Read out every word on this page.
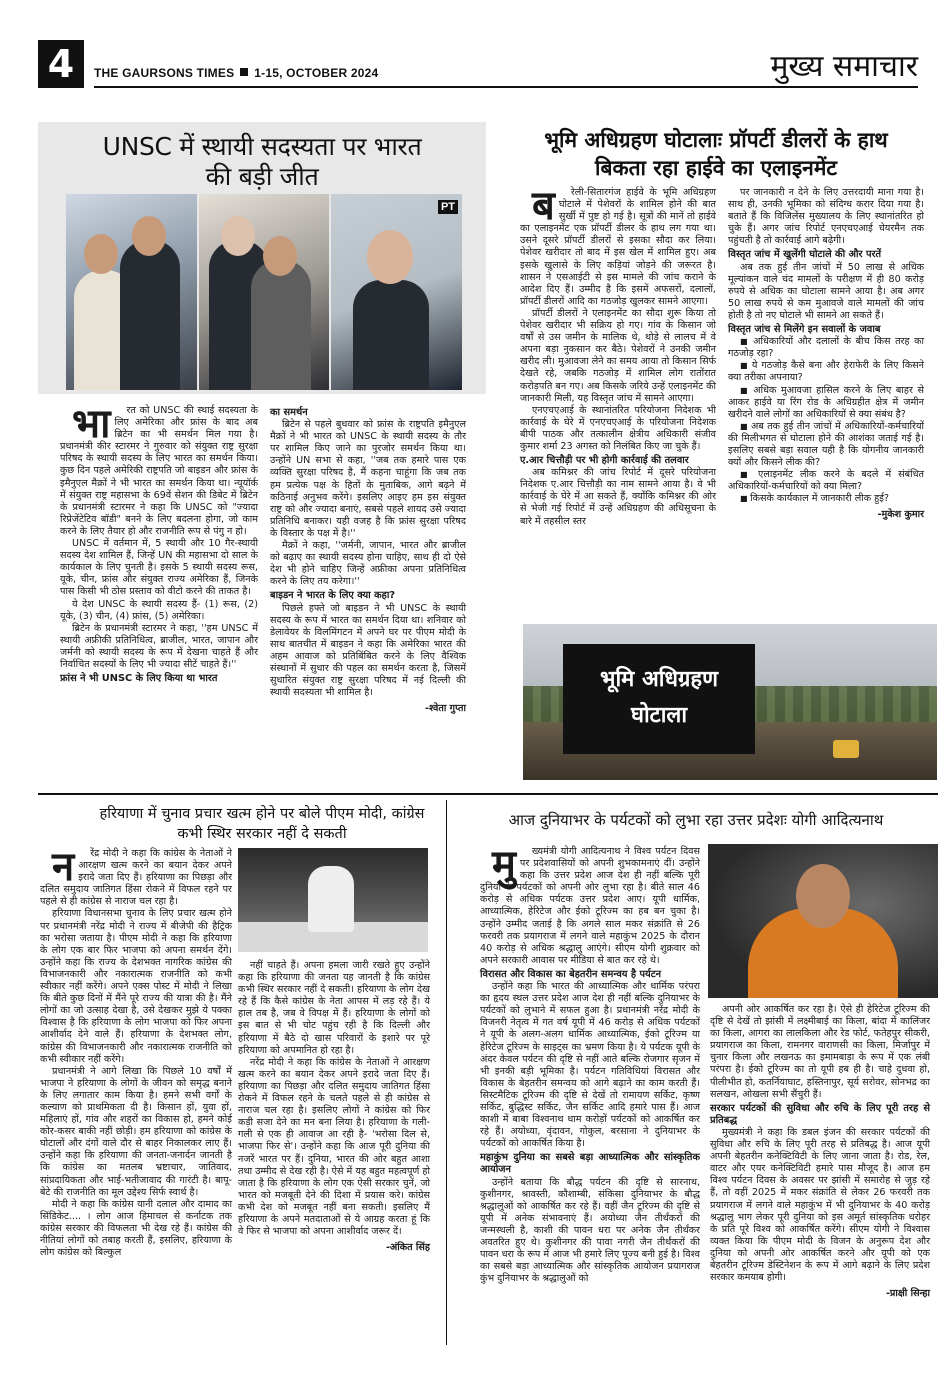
4	THE GAURSONS TIMES 1-15, OCTOBER 2024	मुख्य समाचार
UNSC में स्थायी सदस्यता पर भारत
की बड़ी जीत
PT

भारत को UNSC की स्थाई सदस्यता के लिए अमेरिका और फ्रांस के बाद अब ब्रिटेन का भी समर्थन मिल गया है। प्रधानमंत्री कीर स्टारमर ने गुरुवार को संयुक्त राष्ट्र सुरक्षा परिषद के स्थायी सदस्य के लिए भारत का समर्थन किया। कुछ दिन पहले अमेरिकी राष्ट्रपति जो बाइडन और फ्रांस के इमैनुएल मैक्रों ने भी भारत का समर्थन किया था। न्यूयॉर्क में संयुक्त राष्ट्र महासभा के 69वें सेशन की डिबेट में ब्रिटेन के प्रधानमंत्री स्टारमर ने कहा कि UNSC को "ज्यादा रिप्रेजेंटेटिव बॉडी" बनने के लिए बदलना होगा, जो काम करने के लिए तैयार हो और राजनीति रूप से पंगु न हो।

UNSC में वर्तमान में, 5 स्थायी और 10 गैर-स्थायी सदस्य देश शामिल हैं, जिन्हें UN की महासभा दो साल के कार्यकाल के लिए चुनती है। इसके 5 स्थायी सदस्य रूस, यूके, चीन, फ्रांस और संयुक्त राज्य अमेरिका हैं, जिनके पास किसी भी ठोस प्रस्ताव को वीटो करने की ताकत है।

ये देश UNSC के स्थायी सदस्य हैं- (1) रूस, (2) यूके, (3) चीन, (4) फ्रांस, (5) अमेरिका।

ब्रिटेन के प्रधानमंत्री स्टारमर ने कहा, ''हम UNSC में स्थायी अफ्रीकी प्रतिनिधित्व, ब्राजील, भारत, जापान और जर्मनी को स्थायी सदस्य के रूप में देखना चाहते हैं और निर्वाचित सदस्यों के लिए भी ज्यादा सीटें चाहते हैं।''

फ्रांस ने भी UNSC के लिए किया था भारत
का समर्थन

ब्रिटेन से पहले बुधवार को फ्रांस के राष्ट्रपति इमैनुएल मैक्रों ने भी भारत को UNSC के स्थायी सदस्य के तौर पर शामिल किए जाने का पुरजोर समर्थन किया था। उन्होंने UN सभा से कहा, ''जब तक हमारे पास एक व्यक्ति सुरक्षा परिषद है, मैं कहना चाहूंगा कि जब तक हम प्रत्येक पक्ष के हितों के मुताबिक, आगे बढ़ने में कठिनाई अनुभव करेंगे। इसलिए आइए हम इस संयुक्त राष्ट्र को और ज्यादा बनाएं, सबसे पहले शायद उसे ज्यादा प्रतिनिधि बनाकर। यही वजह है कि फ्रांस सुरक्षा परिषद के विस्तार के पक्ष में है।''

मैक्रों ने कहा, ''जर्मनी, जापान, भारत और ब्राजील को बढ़ाए का स्थायी सदस्य होना चाहिए, साथ ही दो ऐसे देश भी होने चाहिए जिन्हें अफ्रीका अपना प्रतिनिधित्व करने के लिए तय करेगा।''

बाइडन ने भारत के लिए क्या कहा?

पिछले हफ्ते जो बाइडन ने भी UNSC के स्थायी सदस्य के रूप में भारत का समर्थन दिया था। शनिवार को डेलावेयर के विलमिंगटन में अपने घर पर पीएम मोदी के साथ बातचीत में बाइडन ने कहा कि अमेरिका भारत की अहम आवाज को प्रतिबिंबित करने के लिए वैश्विक संस्थानों में सुधार की पहल का समर्थन करता है, जिसमें सुधारित संयुक्त राष्ट्र सुरक्षा परिषद में नई दिल्ली की स्थायी सदस्यता भी शामिल है।

-श्वेता गुप्ता
भूमि अधिग्रहण घोटालाः प्रॉपर्टी डीलरों के हाथ
बिकता रहा हाईवे का एलाइनमेंट

बरेली-सितारगंज हाईवे के भूमि अधिग्रहण घोटाले में पेशेवरों के शामिल होने की बात सुर्खी में पुष्ट हो गई है। सूत्रों की मानें तो हाईवे का एलाइनमेंट एक प्रॉपर्टी डीलर के हाथ लग गया था। उसने दूसरे प्रॉपर्टी डीलरों से इसका सौदा कर लिया। पेशेवर खरीदार तो बाद में इस खेल में शामिल हुए। अब इसके खुलासे के लिए कड़ियां जोड़ने की जरूरत है। शासन ने एसआईटी से इस मामले की जांच कराने के आदेश दिए हैं। उम्मीद है कि इसमें अफसरों, दलालों, प्रॉपर्टी डीलरों आदि का गठजोड़ खुलकर सामने आएगा।

प्रॉपर्टी डीलरों ने एलाइनमेंट का सौदा शुरू किया तो पेशेवर खरीदार भी सक्रिय हो गए। गांव के किसान जो वर्षों से उस जमीन के मालिक थे, थोड़े से लालच में वे अपना बड़ा नुकसान कर बैठे। पेशेवरों ने उनकी जमीन खरीद ली। मुआवजा लेने का समय आया तो किसान सिर्फ देखते रहे, जबकि गठजोड़ में शामिल लोग रातोंरात करोड़पति बन गए। अब किसके जरिये उन्हें एलाइनमेंट की जानकारी मिली, यह विस्तृत जांच में सामने आएगा।

एनएचएआई के स्थानांतरित परियोजना निदेशक भी कार्रवाई के घेरे में एनएचएआई के परियोजना निदेशक बीपी पाठक और तत्कालीन क्षेत्रीय अधिकारी संजीव कुमार शर्मा 23 अगस्त को निलंबित किए जा चुके हैं।

ए.आर चित्तौड़ी पर भी होगी कार्रवाई की तलवार

अब कमिश्नर की जांच रिपोर्ट में दूसरे परियोजना निदेशक ए.आर चित्तौड़ी का नाम सामने आया है। वे भी कार्रवाई के घेरे में आ सकते हैं, क्योंकि कमिश्नर की ओर से भेजी गई रिपोर्ट में उन्हें अधिग्रहण की अधिसूचना के बारे में तहसील स्तर

पर जानकारी न देने के लिए उत्तरदायी माना गया है। साथ ही, उनकी भूमिका को संदिग्ध करार दिया गया है। बताते हैं कि विजिलेंस मुख्यालय के लिए स्थानांतरित हो चुके हैं। अगर जांच रिपोर्ट एनएचएआई चेयरमैन तक पहुंचती है तो कार्रवाई आगे बढ़ेगी।

विस्तृत जांच में खुलेंगी घोटाले की और परतें

अब तक हुई तीन जांचों में 50 लाख से अधिक मूल्यांकन वाले चंद मामलों के परीक्षण में ही 80 करोड़ रुपये से अधिक का घोटाला सामने आया है। अब अगर 50 लाख रुपये से कम मुआवजे वाले मामलों की जांच होती है तो नए घोटाले भी सामने आ सकते हैं।

विस्तृत जांच से मिलेंगे इन सवालों के जवाब

■ अधिकारियों और दलालों के बीच किस तरह का गठजोड़ रहा?

■ ये गठजोड़ कैसे बना और हेराफेरी के लिए किसने क्या तरीका अपनाया?

■ अधिक मुआवजा हासिल करने के लिए बाहर से आकर हाईवे या रिंग रोड के अधिग्रहीत क्षेत्र में जमीन खरीदने वाले लोगों का अधिकारियों से क्या संबंध है?

■ अब तक हुई तीन जांचों में अधिकारियों-कर्मचारियों की मिलीभगत से घोटाला होने की आशंका जताई गई है। इसलिए सबसे बड़ा सवाल यही है कि योगनीय जानकारी क्यों और किसने लीक की?

■ एलाइनमेंट लीक करने के बदले में संबंधित अधिकारियों-कर्मचारियों को क्या मिला?

■ किसके कार्यकाल में जानकारी लीक हुई?

-मुकेश कुमार
भूमि अधिग्रहण
घोटाला
हरियाणा में चुनाव प्रचार खत्म होने पर बोले पीएम मोदी, कांग्रेस
कभी स्थिर सरकार नहीं दे सकती

नरेंद्र मोदी ने कहा कि कांग्रेस के नेताओं ने आरक्षण खत्म करने का बयान देकर अपने इरादे जता दिए हैं। हरियाणा का पिछड़ा और दलित समुदाय जातिगत हिंसा रोकने में विफल रहने पर पहले से ही कांग्रेस से नाराज चल रहा है।

हरियाणा विधानसभा चुनाव के लिए प्रचार खत्म होने पर प्रधानमंत्री नरेंद्र मोदी ने राज्य में बीजेपी की हैट्रिक का भरोसा जताया है। पीएम मोदी ने कहा कि हरियाणा के लोग एक बार फिर भाजपा को अपना समर्थन देंगे। उन्होंने कहा कि राज्य के देशभक्त नागरिक कांग्रेस की विभाजनकारी और नकारात्मक राजनीति को कभी स्वीकार नहीं करेंगे। अपने एक्स पोस्ट में मोदी ने लिखा कि बीते कुछ दिनों में मैंने पूरे राज्य की यात्रा की है। मैंने लोगों का जो उत्साह देखा है, उसे देखकर मुझे ये पक्का विश्वास है कि हरियाणा के लोग भाजपा को फिर अपना आशीर्वाद देने वाले हैं। हरियाणा के देशभक्त लोग, कांग्रेस की विभाजनकारी और नकारात्मक राजनीति को कभी स्वीकार नहीं करेंगे।

प्रधानमंत्री ने आगे लिखा कि पिछले 10 वर्षों में भाजपा ने हरियाणा के लोगों के जीवन को समृद्ध बनाने के लिए लगातार काम किया है। हमने सभी वर्गों के कल्याण को प्राथमिकता दी है। किसान हों, युवा हों, महिलाएं हों, गांव और शहरों का विकास हो, हमने कोई कोर-कसर बाकी नहीं छोड़ी। हम हरियाणा को कांग्रेस के घोटालों और दंगों वाले दौर से बाहर निकालकर लाए हैं। उन्होंने कहा कि हरियाणा की जनता-जनार्दन जानती है कि कांग्रेस का मतलब भ्रष्टाचार, जातिवाद, सांप्रदायिकता और भाई-भतीजावाद की गारंटी है। बापू-बेटे की राजनीति का मूल उद्देश्य सिर्फ स्वार्थ है।

मोदी ने कहा कि कांग्रेस यानी दलाल और दामाद का सिंडिकेट.... । लोग आज हिमाचल से कर्नाटक तक कांग्रेस सरकार की विफलता भी देख रहे हैं। कांग्रेस की नीतियां लोगों को तबाह करती हैं, इसलिए, हरियाणा के लोग कांग्रेस को बिल्कुल

नहीं चाहते हैं। अपना हमला जारी रखते हुए उन्होंने कहा कि हरियाणा की जनता यह जानती है कि कांग्रेस कभी स्थिर सरकार नहीं दे सकती। हरियाणा के लोग देख रहे हैं कि कैसे कांग्रेस के नेता आपस में लड़ रहे हैं। ये हाल तब है, जब वे विपक्ष में हैं। हरियाणा के लोगों को इस बात से भी चोट पहुंच रही है कि दिल्ली और हरियाणा में बैठे दो खास परिवारों के इशारे पर पूरे हरियाणा को अपमानित हो रहा है।

नरेंद्र मोदी ने कहा कि कांग्रेस के नेताओं ने आरक्षण खत्म करने का बयान देकर अपने इरादे जता दिए हैं। हरियाणा का पिछड़ा और दलित समुदाय जातिगत हिंसा रोकने में विफल रहने के चलते पहले से ही कांग्रेस से नाराज चल रहा है। इसलिए लोगों ने कांग्रेस को फिर कड़ी सजा देने का मन बना लिया है। हरियाणा के गली-गली से एक ही आवाज आ रही है- 'भरोसा दिल से, भाजपा फिर से'। उन्होंने कहा कि आज पूरी दुनिया की नजरें भारत पर हैं। दुनिया, भारत की ओर बहुत आशा तथा उम्मीद से देख रही है। ऐसे में यह बहुत महत्वपूर्ण हो जाता है कि हरियाणा के लोग एक ऐसी सरकार चुनें, जो भारत को मजबूती देने की दिशा में प्रयास करे। कांग्रेस कभी देश को मजबूत नहीं बना सकती। इसलिए मैं हरियाणा के अपने मतदाताओं से ये आग्रह करता हूं कि वे फिर से भाजपा को अपना आशीर्वाद जरूर दें।

-अंकित सिंह
आज दुनियाभर के पर्यटकों को लुभा रहा उत्तर प्रदेशः योगी आदित्यनाथ

मुख्यमंत्री योगी आदित्यनाथ ने विश्व पर्यटन दिवस पर प्रदेशवासियों को अपनी शुभकामनाएं दीं। उन्होंने कहा कि उत्तर प्रदेश आज देश ही नहीं बल्कि पूरी दुनिया के पर्यटकों को अपनी ओर लुभा रहा है। बीते साल 46 करोड़ से अधिक पर्यटक उत्तर प्रदेश आए। यूपी धार्मिक, आध्यात्मिक, हेरिटेज और ईको टूरिज्म का हब बन चुका है। उन्होंने उम्मीद जताई है कि अगले साल मकर संक्रांति से 26 फरवरी तक प्रयागराज में लगने वाले महाकुंभ 2025 के दौरान 40 करोड़ से अधिक श्रद्धालु आएंगे। सीएम योगी शुक्रवार को अपने सरकारी आवास पर मीडिया से बात कर रहे थे।

विरासत और विकास का बेहतरीन समन्वय है पर्यटन

उन्होंने कहा कि भारत की आध्यात्मिक और धार्मिक परंपरा का हृदय स्थल उत्तर प्रदेश आज देश ही नहीं बल्कि दुनियाभर के पर्यटकों को लुभाने में सफल हुआ है। प्रधानमंत्री नरेंद्र मोदी के विजनरी नेतृत्व में गत वर्ष यूपी में 46 करोड़ से अधिक पर्यटकों ने यूपी के अलग-अलग धार्मिक आध्यात्मिक, ईको टूरिज्म या हेरिटेज टूरिज्म के साइट्स का भ्रमण किया है। ये पर्यटक यूपी के अंदर केवल पर्यटन की दृष्टि से नहीं आते बल्कि रोजगार सृजन में भी इनकी बड़ी भूमिका है। पर्यटन गतिविधियां विरासत और विकास के बेहतरीन समन्वय को आगे बढ़ाने का काम करती हैं। सिस्टमैटिक टूरिज्म की दृष्टि से देखें तो रामायण सर्किट, कृष्ण सर्किट, बुद्धिस्ट सर्किट, जैन सर्किट आदि हमारे पास हैं। आज काशी में बाबा विश्वनाथ धाम करोड़ों पर्यटकों को आकर्षित कर रहे हैं। अयोध्या, वृंदावन, गोकुल, बरसाना ने दुनियाभर के पर्यटकों को आकर्षित किया है।

महाकुंभ दुनिया का सबसे बड़ा आध्यात्मिक और सांस्कृतिक आयोजन

उन्होंने बताया कि बौद्ध पर्यटन की दृष्टि से सारनाथ, कुशीनगर, श्रावस्ती, कौशाम्बी, संकिसा दुनियाभर के बौद्ध श्रद्धालुओं को आकर्षित कर रहे हैं। वहीं जैन टूरिज्म की दृष्टि से यूपी में अनेक संभावनाएं हैं। अयोध्या जैन तीर्थंकरों की जन्मस्थली है, काशी की पावन धरा पर अनेक जैन तीर्थंकर अवतरित हुए थे। कुशीनगर की पावा नगरी जैन तीर्थंकरों की पावन धरा के रूप में आज भी हमारे लिए पूज्य बनी हुई है। विश्व का सबसे बड़ा आध्यात्मिक और सांस्कृतिक आयोजन प्रयागराज कुंभ दुनियाभर के श्रद्धालुओं को

अपनी ओर आकर्षित कर रहा है। ऐसे ही हेरिटेज टूरिज्म की दृष्टि से देखें तो झांसी में लक्ष्मीबाई का किला, बांदा में कालिंजर का किला, आगरा का लालकिला और रेड फोर्ट, फतेहपुर सीकरी, प्रयागराज का किला, रामनगर वाराणसी का किला, मिर्जापुर में चुनार किला और लखनऊ का इमामबाड़ा के रूप में एक लंबी परंपरा है। ईको टूरिज्म का तो यूपी हब ही है। चाहे दुधवा हो, पीलीभीत हो, कतर्नियाघाट, हस्तिनापुर, सूर्य सरोवर, सोनभद्र का सलखन, ओखला सभी सैंचुरी हैं।

सरकार पर्यटकों की सुविधा और रुचि के लिए पूरी तरह से प्रतिबद्ध

मुख्यमंत्री ने कहा कि डबल इंजन की सरकार पर्यटकों की सुविधा और रुचि के लिए पूरी तरह से प्रतिबद्ध है। आज यूपी अपनी बेहतरीन कनेक्टिविटी के लिए जाना जाता है। रोड, रेल, वाटर और एयर कनेक्टिविटी हमारे पास मौजूद है। आज हम विश्व पर्यटन दिवस के अवसर पर झांसी में समारोह से जुड़ रहे हैं, तो वहीं 2025 में मकर संक्रांति से लेकर 26 फरवरी तक प्रयागराज में लगने वाले महाकुंभ में भी दुनियाभर के 40 करोड़ श्रद्धालु भाग लेकर पूरी दुनिया को इस अमूर्त सांस्कृतिक धरोहर के प्रति पूरे विश्व को आकर्षित करेंगे। सीएम योगी ने विश्वास व्यक्त किया कि पीएम मोदी के विजन के अनुरूप देश और दुनिया को अपनी ओर आकर्षित करने और यूपी को एक बेहतरीन टूरिज्म डेस्टिनेशन के रूप में आगे बढ़ाने के लिए प्रदेश सरकार कमयाब होगी।

-प्राक्षी सिन्हा
